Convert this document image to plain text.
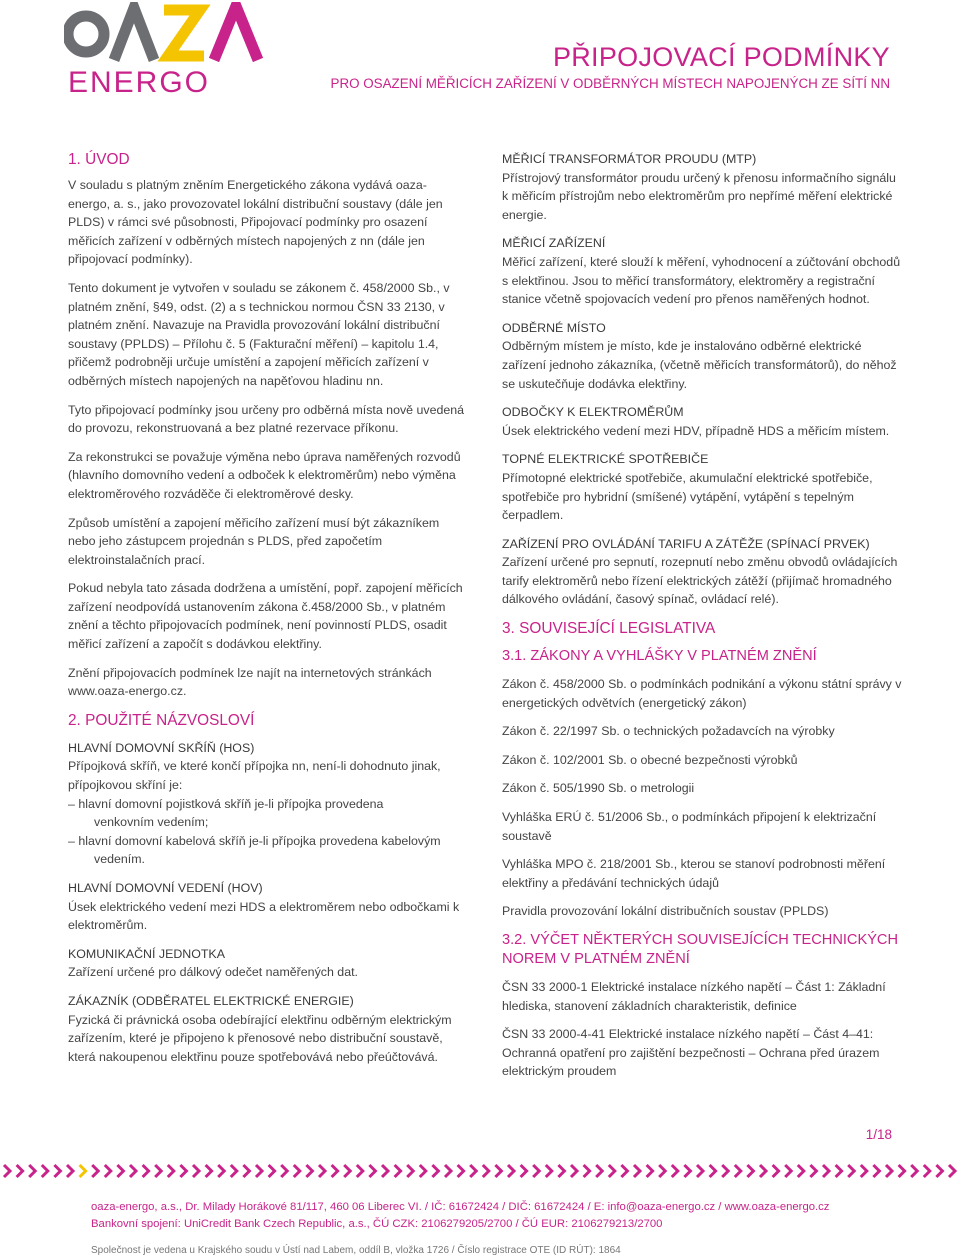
ENERGO
PŘIPOJOVACÍ PODMÍNKY
PRO OSAZENÍ MĚŘICÍCH ZAŘÍZENÍ V ODBĚRNÝCH MÍSTECH NAPOJENÝCH ZE SÍTÍ NN
1. ÚVOD

V souladu s platným zněním Energetického zákona vydává oaza-energo, a. s., jako provozovatel lokální distribuční soustavy (dále jen PLDS) v rámci své působnosti, Připojovací podmínky pro osazení měřicích zařízení v odběrných místech napojených z nn (dále jen připojovací podmínky).

Tento dokument je vytvořen v souladu se zákonem č. 458/2000 Sb., v platném znění, §49, odst. (2) a s technickou normou ČSN 33 2130, v platném znění. Navazuje na Pravidla provozování lokální distribuční soustavy (PPLDS) – Přílohu č. 5 (Fakturační měření) – kapitolu 1.4, přičemž podrobněji určuje umístění a zapojení měřicích zařízení v odběrných místech napojených na napěťovou hladinu nn.

Tyto připojovací podmínky jsou určeny pro odběrná místa nově uvedená do provozu, rekonstruovaná a bez platné rezervace příkonu.

Za rekonstrukci se považuje výměna nebo úprava naměřených rozvodů (hlavního domovního vedení a odboček k elektroměrům) nebo výměna elektroměrového rozváděče či elektroměrové desky.

Způsob umístění a zapojení měřicího zařízení musí být zákazníkem nebo jeho zástupcem projednán s PLDS, před započetím elektroinstalačních prací.

Pokud nebyla tato zásada dodržena a umístění, popř. zapojení měřicích zařízení neodpovídá ustanovením zákona č.458/2000 Sb., v platném znění a těchto připojovacích podmínek, není povinností PLDS, osadit měřicí zařízení a započít s dodávkou elektřiny.

Znění připojovacích podmínek lze najít na internetových stránkách www.oaza-energo.cz.

2. POUŽITÉ NÁZVOSLOVÍ
HLAVNÍ DOMOVNÍ SKŘÍŇ (HOS)
Přípojková skříň, ve které končí přípojka nn, není-li dohodnuto jinak, přípojkovou skříní je:
– hlavní domovní pojistková skříň je-li přípojka provedena
venkovním vedením;
– hlavní domovní kabelová skříň je-li přípojka provedena kabelovým
vedením.
HLAVNÍ DOMOVNÍ VEDENÍ (HOV)
Úsek elektrického vedení mezi HDS a elektroměrem nebo odbočkami k elektroměrům.
KOMUNIKAČNÍ JEDNOTKA
Zařízení určené pro dálkový odečet naměřených dat.
ZÁKAZNÍK (ODBĚRATEL ELEKTRICKÉ ENERGIE)
Fyzická či právnická osoba odebírající elektřinu odběrným elektrickým zařízením, které je připojeno k přenosové nebo distribuční soustavě, která nakoupenou elektřinu pouze spotřebovává nebo přeúčtovává.
MĚŘICÍ TRANSFORMÁTOR PROUDU (MTP)
Přístrojový transformátor proudu určený k přenosu informačního signálu k měřicím přístrojům nebo elektroměrům pro nepřímé měření elektrické energie.
MĚŘICÍ ZAŘÍZENÍ
Měřicí zařízení, které slouží k měření, vyhodnocení a zúčtování obchodů s elektřinou. Jsou to měřicí transformátory, elektroměry a registrační stanice včetně spojovacích vedení pro přenos naměřených hodnot.
ODBĚRNÉ MÍSTO
Odběrným místem je místo, kde je instalováno odběrné elektrické zařízení jednoho zákazníka, (včetně měřicích transformátorů), do něhož se uskutečňuje dodávka elektřiny.
ODBOČKY K ELEKTROMĚRŮM
Úsek elektrického vedení mezi HDV, případně HDS a měřicím místem.
TOPNÉ ELEKTRICKÉ SPOTŘEBIČE
Přímotopné elektrické spotřebiče, akumulační elektrické spotřebiče, spotřebiče pro hybridní (smíšené) vytápění, vytápění s tepelným čerpadlem.
ZAŘÍZENÍ PRO OVLÁDÁNÍ TARIFU A ZÁTĚŽE (SPÍNACÍ PRVEK)
Zařízení určené pro sepnutí, rozepnutí nebo změnu obvodů ovládajících tarify elektroměrů nebo řízení elektrických zátěží (přijímač hromadného dálkového ovládání, časový spínač, ovládací relé).
3. SOUVISEJÍCÍ LEGISLATIVA
3.1. ZÁKONY A VYHLÁŠKY V PLATNÉM ZNĚNÍ
Zákon č. 458/2000 Sb. o podmínkách podnikání a výkonu státní správy v energetických odvětvích (energetický zákon)
Zákon č. 22/1997 Sb. o technických požadavcích na výrobky
Zákon č. 102/2001 Sb. o obecné bezpečnosti výrobků
Zákon č. 505/1990 Sb. o metrologii
Vyhláška ERÚ č. 51/2006 Sb., o podmínkách připojení k elektrizační soustavě
Vyhláška MPO č. 218/2001 Sb., kterou se stanoví podrobnosti měření elektřiny a předávání technických údajů
Pravidla provozování lokální distribučních soustav (PPLDS)
3.2. VÝČET NĚKTERÝCH SOUVISEJÍCÍCH TECHNICKÝCH NOREM V PLATNÉM ZNĚNÍ
ČSN 33 2000-1 Elektrické instalace nízkého napětí – Část 1: Základní hlediska, stanovení základních charakteristik, definice
ČSN 33 2000-4-41 Elektrické instalace nízkého napětí – Část 4–41: Ochranná opatření pro zajištění bezpečnosti – Ochrana před úrazem elektrickým proudem
1/18
oaza-energo, a.s., Dr. Milady Horákové 81/117, 460 06 Liberec VI. / IČ: 61672424 / DIČ: 61672424 / E: info@oaza-energo.cz / www.oaza-energo.cz
Bankovní spojení: UniCredit Bank Czech Republic, a.s., ČÚ CZK: 2106279205/2700 / ČÚ EUR: 2106279213/2700
Společnost je vedena u Krajského soudu v Ústí nad Labem, oddíl B, vložka 1726 / Číslo registrace OTE (ID RÚT): 1864
